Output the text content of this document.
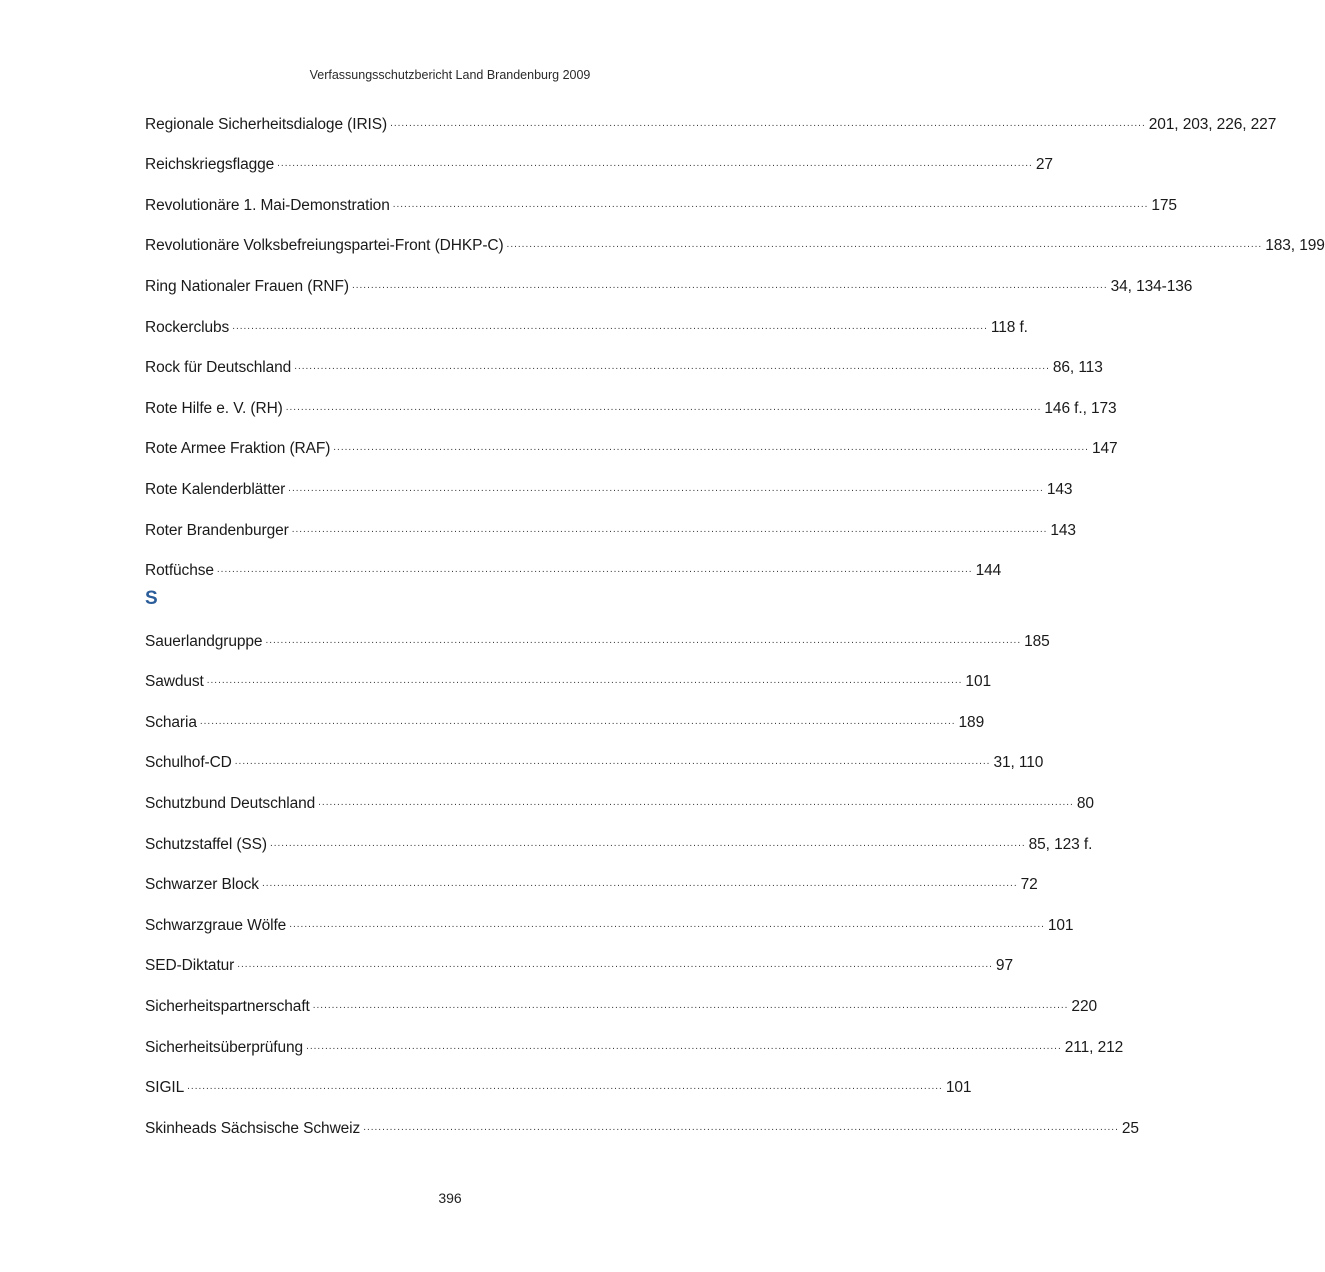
Verfassungsschutzbericht Land Brandenburg 2009
Regionale Sicherheitsdialoge (IRIS) ........................................................................................................................................................................................................ 201, 203, 226, 227
Reichskriegsflagge ........................................................................................................................................................................................................ 27
Revolutionäre 1. Mai-Demonstration ........................................................................................................................................................................................................ 175
Revolutionäre Volksbefreiungspartei-Front (DHKP-C) ........................................................................................................................................................................................................ 183, 199
Ring Nationaler Frauen (RNF) ........................................................................................................................................................................................................ 34, 134-136
Rockerclubs ........................................................................................................................................................................................................ 118 f.
Rock für Deutschland ........................................................................................................................................................................................................ 86, 113
Rote Hilfe e. V. (RH) ........................................................................................................................................................................................................ 146 f., 173
Rote Armee Fraktion (RAF) ........................................................................................................................................................................................................ 147
Rote Kalenderblätter ........................................................................................................................................................................................................ 143
Roter Brandenburger ........................................................................................................................................................................................................ 143
Rotfüchse ........................................................................................................................................................................................................ 144
S
Sauerlandgruppe ........................................................................................................................................................................................................ 185
Sawdust ........................................................................................................................................................................................................ 101
Scharia ........................................................................................................................................................................................................ 189
Schulhof-CD ........................................................................................................................................................................................................ 31, 110
Schutzbund Deutschland ........................................................................................................................................................................................................ 80
Schutzstaffel (SS) ........................................................................................................................................................................................................ 85, 123 f.
Schwarzer Block ........................................................................................................................................................................................................ 72
Schwarzgraue Wölfe ........................................................................................................................................................................................................ 101
SED-Diktatur ........................................................................................................................................................................................................ 97
Sicherheitspartnerschaft ........................................................................................................................................................................................................ 220
Sicherheitsüberprüfung ........................................................................................................................................................................................................ 211, 212
SIGIL ........................................................................................................................................................................................................ 101
Skinheads Sächsische Schweiz ........................................................................................................................................................................................................ 25
396
